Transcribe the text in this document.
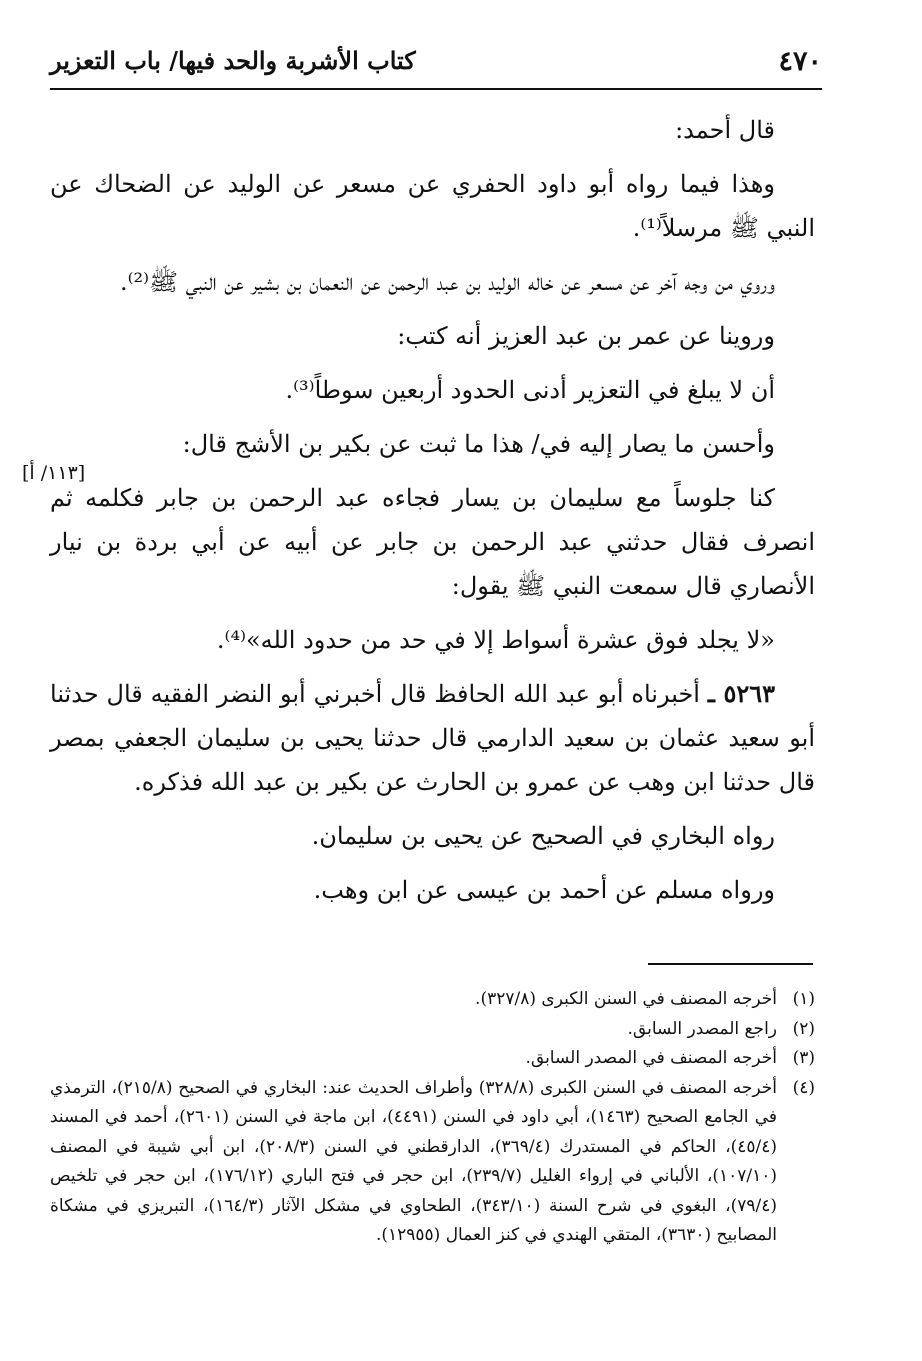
٤٧٠
كتاب الأشربة والحد فيها/ باب التعزير
[١١٣/ أ]

قال أحمد:

وهذا فيما رواه أبو داود الحفري عن مسعر عن الوليد عن الضحاك عن النبي ﷺ مرسلاً⁽¹⁾.

وروي من وجه آخر عن مسعر عن خاله الوليد بن عبد الرحمن عن النعمان بن بشير عن النبي ﷺ⁽²⁾.

وروينا عن عمر بن عبد العزيز أنه كتب:

أن لا يبلغ في التعزير أدنى الحدود أربعين سوطاً⁽³⁾.

وأحسن ما يصار إليه في/ هذا ما ثبت عن بكير بن الأشج قال:

كنا جلوساً مع سليمان بن يسار فجاءه عبد الرحمن بن جابر فكلمه ثم انصرف فقال حدثني عبد الرحمن بن جابر عن أبيه عن أبي بردة بن نيار الأنصاري قال سمعت النبي ﷺ يقول:

«لا يجلد فوق عشرة أسواط إلا في حد من حدود الله»⁽⁴⁾.

٥٢٦٣ ـ أخبرناه أبو عبد الله الحافظ قال أخبرني أبو النضر الفقيه قال حدثنا أبو سعيد عثمان بن سعيد الدارمي قال حدثنا يحيى بن سليمان الجعفي بمصر قال حدثنا ابن وهب عن عمرو بن الحارث عن بكير بن عبد الله فذكره.

رواه البخاري في الصحيح عن يحيى بن سليمان.

ورواه مسلم عن أحمد بن عيسى عن ابن وهب.

(١)
أخرجه المصنف في السنن الكبرى (٣٢٧/٨).
(٢)
راجع المصدر السابق.
(٣)
أخرجه المصنف في المصدر السابق.
(٤)
أخرجه المصنف في السنن الكبرى (٣٢٨/٨) وأطراف الحديث عند: البخاري في الصحيح (٢١٥/٨)، الترمذي في الجامع الصحيح (١٤٦٣)، أبي داود في السنن (٤٤٩١)، ابن ماجة في السنن (٢٦٠١)، أحمد في المسند (٤٥/٤)، الحاكم في المستدرك (٣٦٩/٤)، الدارقطني في السنن (٢٠٨/٣)، ابن أبي شيبة في المصنف (١٠٧/١٠)، الألباني في إرواء الغليل (٢٣٩/٧)، ابن حجر في فتح الباري (١٧٦/١٢)، ابن حجر في تلخيص (٧٩/٤)، البغوي في شرح السنة (٣٤٣/١٠)، الطحاوي في مشكل الآثار (١٦٤/٣)، التبريزي في مشكاة المصابيح (٣٦٣٠)، المتقي الهندي في كنز العمال (١٢٩٥٥).
